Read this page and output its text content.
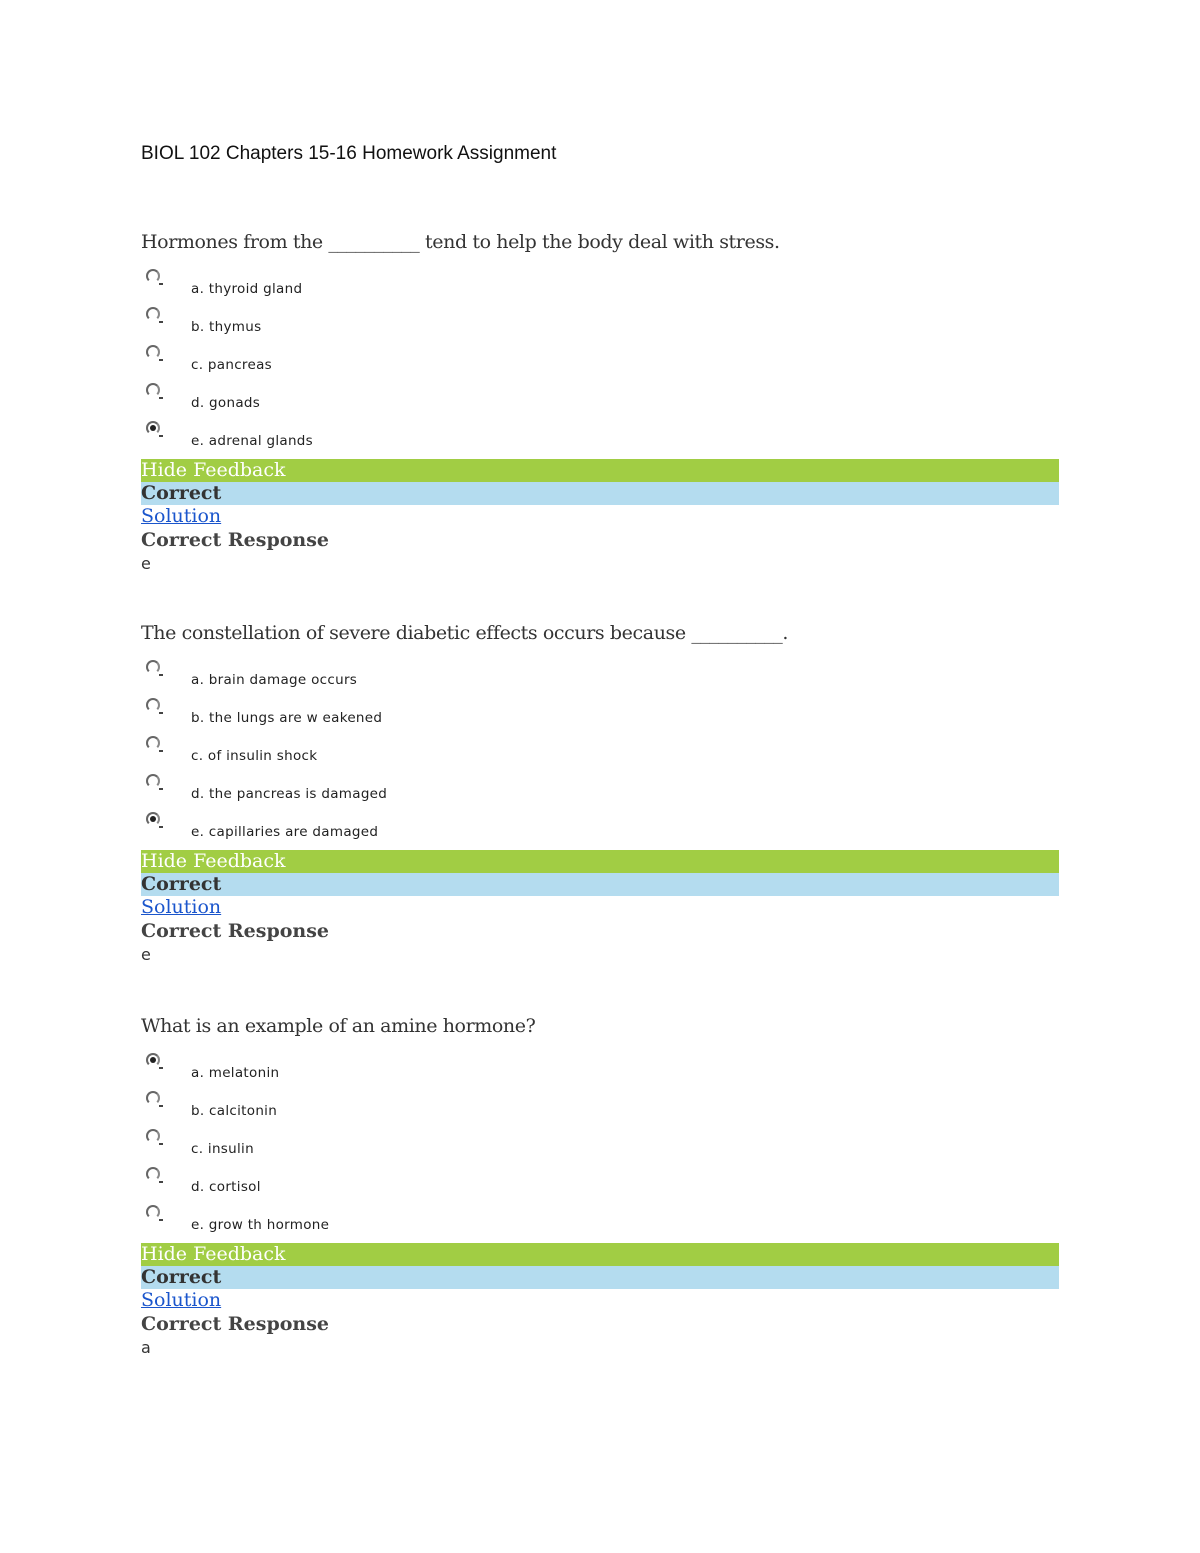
BIOL 102 Chapters 15-16 Homework Assignment
Hormones from the __________ tend to help the body deal with stress.
a. thyroid gland
b. thymus
c. pancreas
d. gonads
e. adrenal glands
Hide Feedback
Correct
Solution
Correct Response
e
The constellation of severe diabetic effects occurs because __________.
a. brain damage occurs
b. the lungs are w eakened
c. of insulin shock
d. the pancreas is damaged
e. capillaries are damaged
Hide Feedback
Correct
Solution
Correct Response
e
What is an example of an amine hormone?
a. melatonin
b. calcitonin
c. insulin
d. cortisol
e. grow th hormone
Hide Feedback
Correct
Solution
Correct Response
a
